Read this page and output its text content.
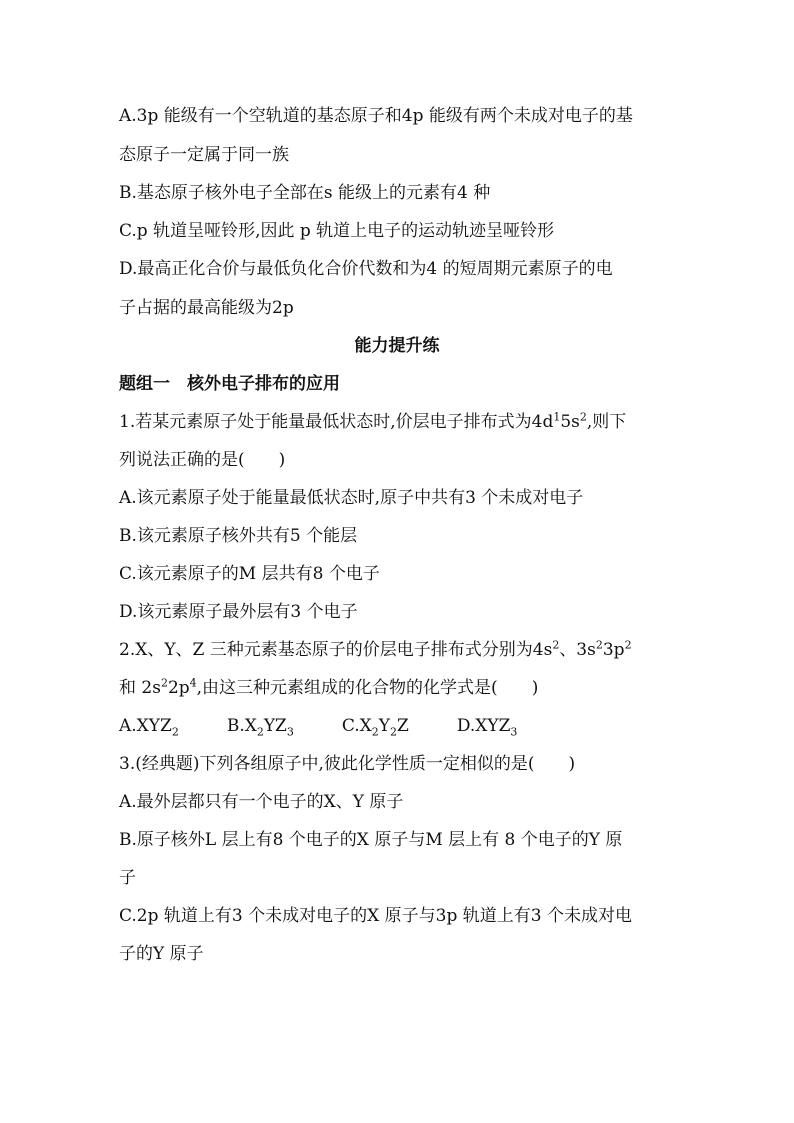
A.3p 能级有一个空轨道的基态原子和4p 能级有两个未成对电子的基
态原子一定属于同一族
B.基态原子核外电子全部在s 能级上的元素有4 种
C.p 轨道呈哑铃形,因此 p 轨道上电子的运动轨迹呈哑铃形
D.最高正化合价与最低负化合价代数和为4 的短周期元素原子的电
子占据的最高能级为2p
能力提升练
题组一　核外电子排布的应用
1.若某元素原子处于能量最低状态时,价层电子排布式为$4d^15s^2$,则下
列说法正确的是(　　)
A.该元素原子处于能量最低状态时,原子中共有3 个未成对电子
B.该元素原子核外共有5 个能层
C.该元素原子的M 层共有8 个电子
D.该元素原子最外层有3 个电子
2.X、Y、Z 三种元素基态原子的价层电子排布式分别为$4s^2$、$3s^23p^2$
和 $2s^22p^4$,由这三种元素组成的化合物的化学式是(　　)
$A.XYZ_2$	$B.X_2YZ_3$	$C.X_2Y_2Z$	$D.XYZ_3$
3.(经典题)下列各组原子中,彼此化学性质一定相似的是(　　)
A.最外层都只有一个电子的X、Y 原子
B.原子核外L 层上有8 个电子的X 原子与M 层上有 8 个电子的Y 原
子
C.2p 轨道上有3 个未成对电子的X 原子与3p 轨道上有3 个未成对电
子的Y 原子
